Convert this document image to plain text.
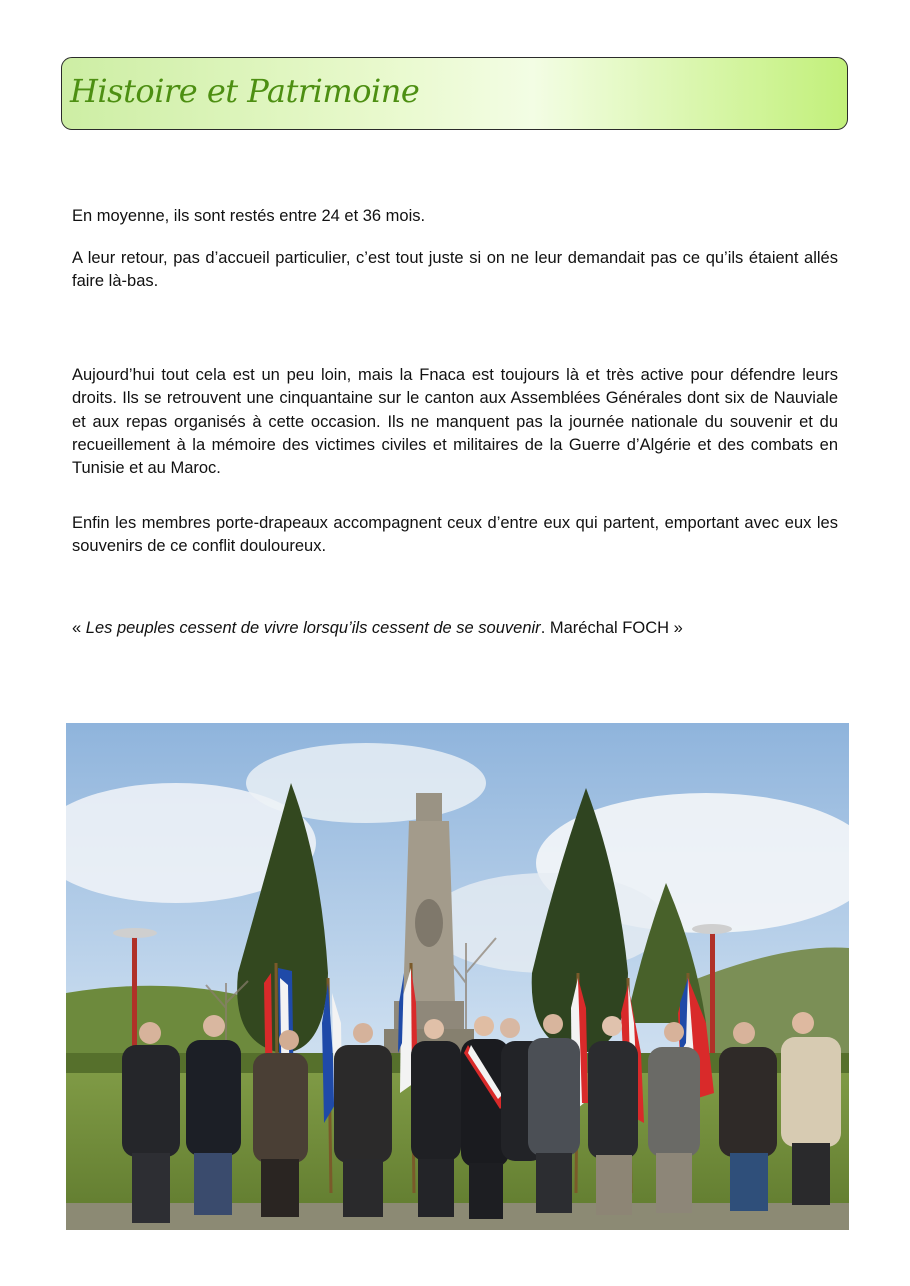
Histoire et Patrimoine

En moyenne, ils sont restés entre 24 et 36 mois.

A leur retour, pas d’accueil particulier, c’est tout juste si on ne leur demandait pas ce qu’ils étaient allés faire là-bas.

Aujourd’hui tout cela est un peu loin, mais la Fnaca est toujours là et très active pour défendre leurs droits. Ils se retrouvent une cinquantaine sur le canton aux Assemblées Générales dont six de Nauviale et aux repas organisés à cette occasion. Ils ne manquent pas la journée nationale du souvenir et du recueillement à la mémoire des victimes civiles et militaires de la Guerre d’Algérie et des combats en Tunisie et au Maroc.

Enfin les membres porte-drapeaux accompagnent ceux d’entre eux qui partent, emportant avec eux les souvenirs de ce conflit douloureux.

« Les peuples cessent de vivre lorsqu’ils cessent de se souvenir. Maréchal FOCH »
